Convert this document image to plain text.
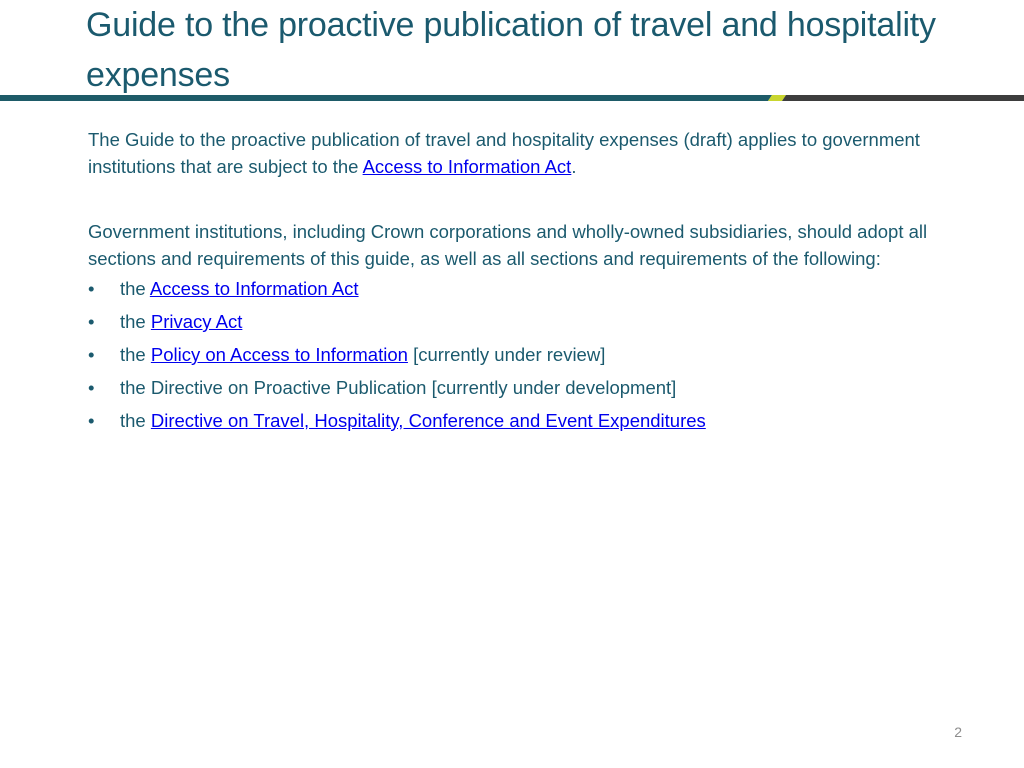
Guide to the proactive publication of travel and hospitality expenses

The Guide to the proactive publication of travel and hospitality expenses (draft) applies to government institutions that are subject to the Access to Information Act.

Government institutions, including Crown corporations and wholly-owned subsidiaries, should adopt all sections and requirements of this guide, as well as all sections and requirements of the following:
• the Access to Information Act
• the Privacy Act
• the Policy on Access to Information [currently under review]
• the Directive on Proactive Publication [currently under development]
• the Directive on Travel, Hospitality, Conference and Event Expenditures
2
